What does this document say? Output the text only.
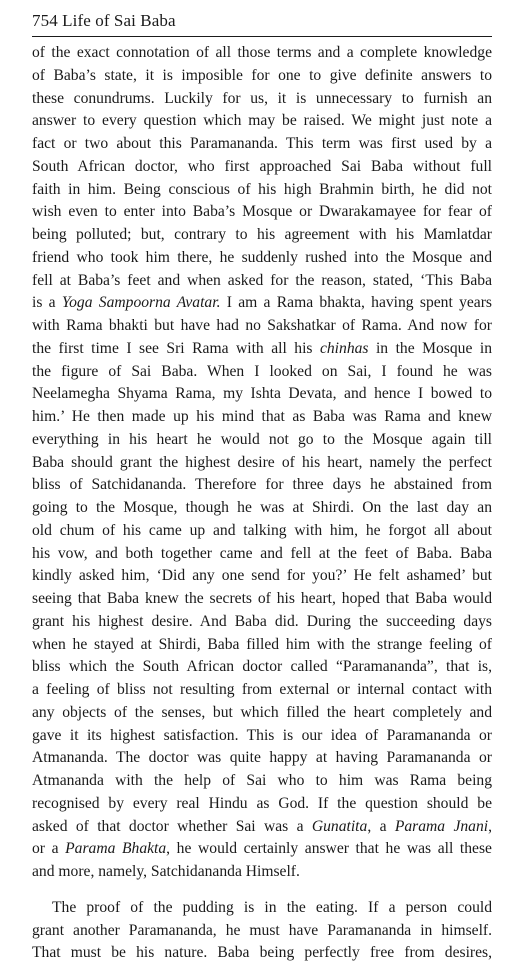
754 Life of Sai Baba
of the exact connotation of all those terms and a complete knowledge
of Baba’s state, it is imposible for one to give definite answers to
these conundrums. Luckily for us, it is unnecessary to furnish an
answer to every question which may be raised. We might just note a
fact or two about this Paramananda. This term was first used by a
South African doctor, who first approached Sai Baba without full
faith in him. Being conscious of his high Brahmin birth, he did not
wish even to enter into Baba’s Mosque or Dwarakamayee for fear of
being polluted; but, contrary to his agreement with his Mamlatdar
friend who took him there, he suddenly rushed into the Mosque and
fell at Baba’s feet and when asked for the reason, stated, ‘This Baba
is a Yoga Sampoorna Avatar. I am a Rama bhakta, having spent years
with Rama bhakti but have had no Sakshatkar of Rama. And now for
the first time I see Sri Rama with all his chinhas in the Mosque in
the figure of Sai Baba. When I looked on Sai, I found he was
Neelamegha Shyama Rama, my Ishta Devata, and hence I bowed to
him.’ He then made up his mind that as Baba was Rama and knew
everything in his heart he would not go to the Mosque again till
Baba should grant the highest desire of his heart, namely the perfect
bliss of Satchidananda. Therefore for three days he abstained from
going to the Mosque, though he was at Shirdi. On the last day an
old chum of his came up and talking with him, he forgot all about
his vow, and both together came and fell at the feet of Baba. Baba
kindly asked him, ‘Did any one send for you?’ He felt ashamed’ but
seeing that Baba knew the secrets of his heart, hoped that Baba would
grant his highest desire. And Baba did. During the succeeding days
when he stayed at Shirdi, Baba filled him with the strange feeling of
bliss which the South African doctor called “Paramananda”, that is,
a feeling of bliss not resulting from external or internal contact with
any objects of the senses, but which filled the heart completely and
gave it its highest satisfaction. This is our idea of Paramananda or
Atmananda. The doctor was quite happy at having Paramananda or
Atmananda with the help of Sai who to him was Rama being
recognised by every real Hindu as God. If the question should be
asked of that doctor whether Sai was a Gunatita, a Parama Jnani,
or a Parama Bhakta, he would certainly answer that he was all these
and more, namely, Satchidananda Himself.
The proof of the pudding is in the eating. If a person could
grant another Paramananda, he must have Paramananda in himself.
That must be his nature. Baba being perfectly free from desires,
